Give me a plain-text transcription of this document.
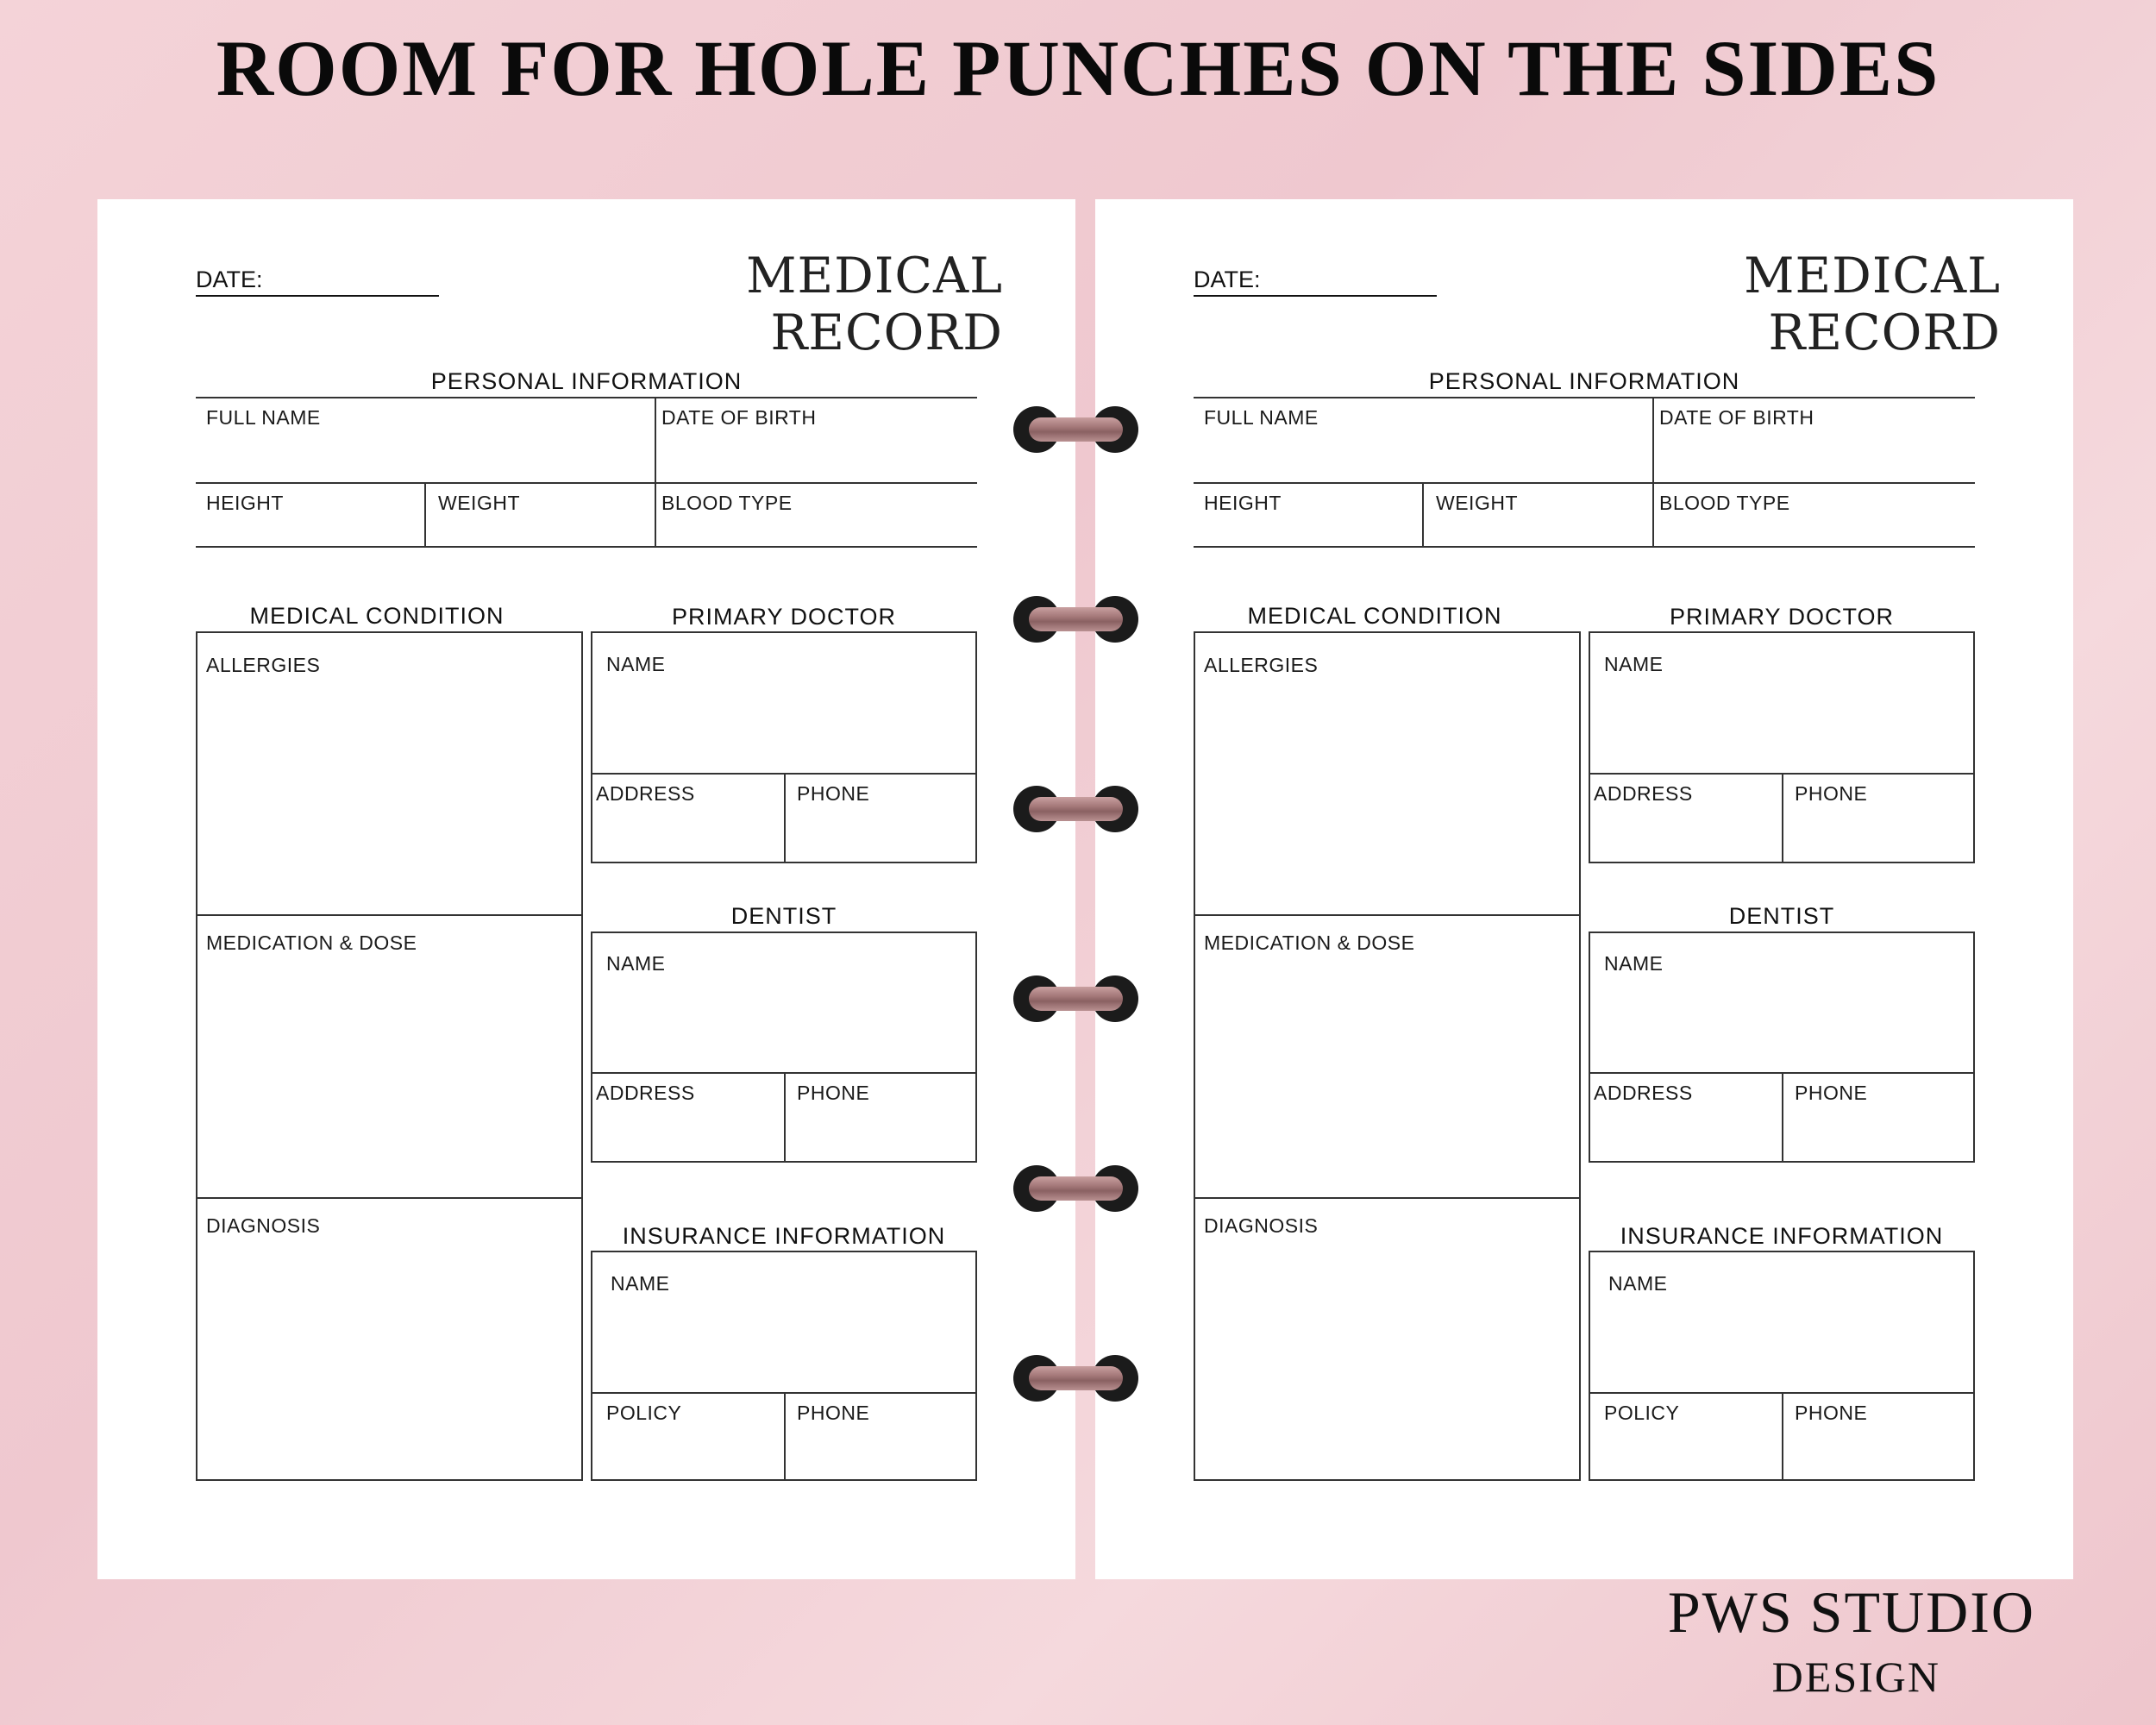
ROOM FOR HOLE PUNCHES ON THE SIDES
DATE:	MEDICAL RECORD
PERSONAL INFORMATION
FULL NAME	DATE OF BIRTH
HEIGHT	WEIGHT	BLOOD TYPE
MEDICAL CONDITION
ALLERGIES
MEDICATION & DOSE
DIAGNOSIS
PRIMARY DOCTOR
NAME
ADDRESS	PHONE
DENTIST
NAME
ADDRESS	PHONE
INSURANCE INFORMATION
NAME
POLICY	PHONE
DATE:	MEDICAL RECORD
PERSONAL INFORMATION
FULL NAME	DATE OF BIRTH
HEIGHT	WEIGHT	BLOOD TYPE
MEDICAL CONDITION
ALLERGIES
MEDICATION & DOSE
DIAGNOSIS
PRIMARY DOCTOR
NAME
ADDRESS	PHONE
DENTIST
NAME
ADDRESS	PHONE
INSURANCE INFORMATION
NAME
POLICY	PHONE
PWS STUDIO
DESIGN
